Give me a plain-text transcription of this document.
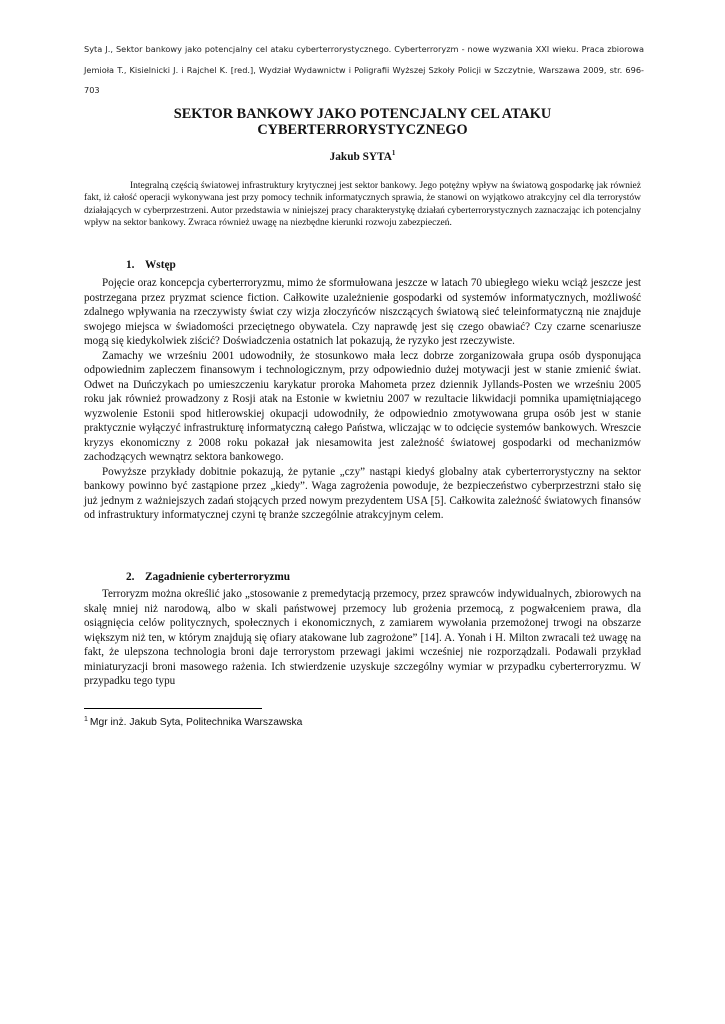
Syta J., Sektor bankowy jako potencjalny cel ataku cyberterrorystycznego. Cyberterroryzm - nowe wyzwania XXI wieku. Praca zbiorowa Jemioła T., Kisielnicki J. i Rajchel K. [red.], Wydział Wydawnictw i Poligrafii Wyższej Szkoły Policji w Szczytnie, Warszawa 2009, str. 696-703
SEKTOR BANKOWY JAKO POTENCJALNY CEL ATAKU CYBERTERRORYSTYCZNEGO
Jakub SYTA$^1$

Integralną częścią światowej infrastruktury krytycznej jest sektor bankowy. Jego potężny wpływ na światową gospodarkę jak również fakt, iż całość operacji wykonywana jest przy pomocy technik informatycznych sprawia, że stanowi on wyjątkowo atrakcyjny cel dla terrorystów działających w cyberprzestrzeni. Autor przedstawia w niniejszej pracy charakterystykę działań cyberterrorystycznych zaznaczając ich potencjalny wpływ na sektor bankowy. Zwraca również uwagę na niezbędne kierunki rozwoju zabezpieczeń.

1. Wstęp

Pojęcie oraz koncepcja cyberterroryzmu, mimo że sformułowana jeszcze w latach 70 ubiegłego wieku wciąż jeszcze jest postrzegana przez pryzmat science fiction. Całkowite uzależnienie gospodarki od systemów informatycznych, możliwość zdalnego wpływania na rzeczywisty świat czy wizja złoczyńców niszczących światową sieć teleinformatyczną nie znajduje swojego miejsca w świadomości przeciętnego obywatela. Czy naprawdę jest się czego obawiać? Czy czarne scenariusze mogą się kiedykolwiek ziścić? Doświadczenia ostatnich lat pokazują, że ryzyko jest rzeczywiste.

Zamachy we wrześniu 2001 udowodniły, że stosunkowo mała lecz dobrze zorganizowała grupa osób dysponująca odpowiednim zapleczem finansowym i technologicznym, przy odpowiednio dużej motywacji jest w stanie zmienić świat. Odwet na Duńczykach po umieszczeniu karykatur proroka Mahometa przez dziennik Jyllands-Posten we wrześniu 2005 roku jak również prowadzony z Rosji atak na Estonie w kwietniu 2007 w rezultacie likwidacji pomnika upamiętniającego wyzwolenie Estonii spod hitlerowskiej okupacji udowodniły, że odpowiednio zmotywowana grupa osób jest w stanie praktycznie wyłączyć infrastrukturę informatyczną całego Państwa, wliczając w to odcięcie systemów bankowych. Wreszcie kryzys ekonomiczny z 2008 roku pokazał jak niesamowita jest zależność światowej gospodarki od mechanizmów zachodzących wewnątrz sektora bankowego.

Powyższe przykłady dobitnie pokazują, że pytanie „czy” nastąpi kiedyś globalny atak cyberterrorystyczny na sektor bankowy powinno być zastąpione przez „kiedy”. Waga zagrożenia powoduje, że bezpieczeństwo cyberprzestrzni stało się już jednym z ważniejszych zadań stojących przed nowym prezydentem USA [5]. Całkowita zależność światowych finansów od infrastruktury informatycznej czyni tę branże szczególnie atrakcyjnym celem.

2. Zagadnienie cyberterroryzmu

Terroryzm można określić jako „stosowanie z premedytacją przemocy, przez sprawców indywidualnych, zbiorowych na skalę mniej niż narodową, albo w skali państwowej przemocy lub grożenia przemocą, z pogwałceniem prawa, dla osiągnięcia celów politycznych, społecznych i ekonomicznych, z zamiarem wywołania przemożonej trwogi na obszarze większym niż ten, w którym znajdują się ofiary atakowane lub zagrożone” [14]. A. Yonah i H. Milton zwracali też uwagę na fakt, że ulepszona technologia broni daje terrorystom przewagi jakimi wcześniej nie rozporządzali. Podawali przykład miniaturyzacji broni masowego rażenia. Ich stwierdzenie uzyskuje szczególny wymiar w przypadku cyberterroryzmu. W przypadku tego typu

$^1$ Mgr inż. Jakub Syta, Politechnika Warszawska
